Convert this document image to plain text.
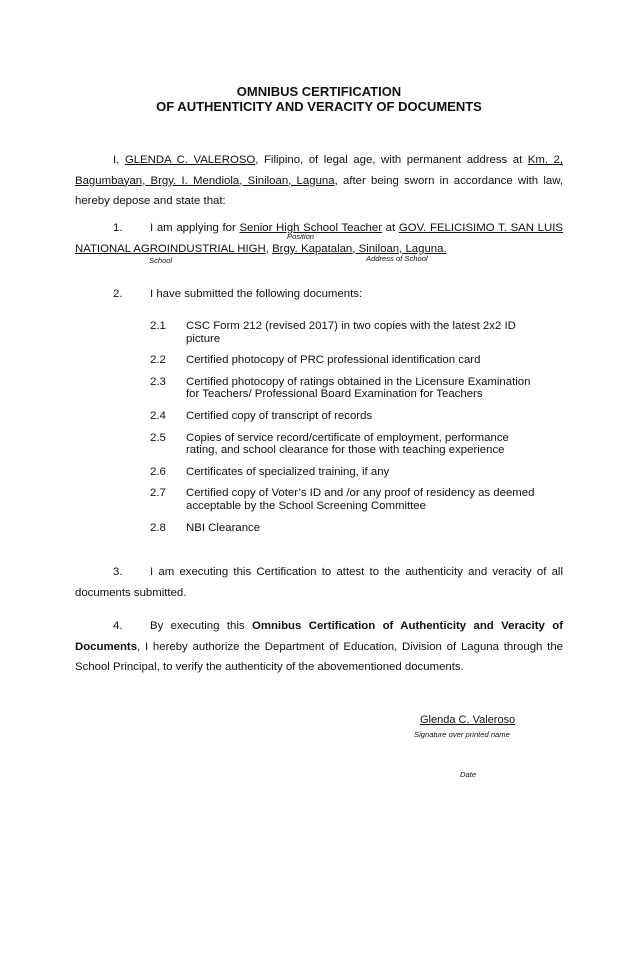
OMNIBUS CERTIFICATION
OF AUTHENTICITY AND VERACITY OF DOCUMENTS
I, GLENDA C. VALEROSO, Filipino, of legal age, with permanent address at Km. 2, Bagumbayan, Brgy. I. Mendiola, Siniloan, Laguna, after being sworn in accordance with law, hereby depose and state that:
1. I am applying for Senior High School Teacher at GOV. FELICISIMO T. SAN LUIS NATIONAL AGROINDUSTRIAL HIGH, Brgy. Kapatalan, Siniloan, Laguna.
Position
School	Address of School
2. I have submitted the following documents:
2.1	CSC Form 212 (revised 2017) in two copies with the latest 2x2 ID picture
2.2	Certified photocopy of PRC professional identification card
2.3	Certified photocopy of ratings obtained in the Licensure Examination for Teachers/ Professional Board Examination for Teachers
2.4	Certified copy of transcript of records
2.5	Copies of service record/certificate of employment, performance rating, and school clearance for those with teaching experience
2.6	Certificates of specialized training, if any
2.7	Certified copy of Voter’s ID and /or any proof of residency as deemed acceptable by the School Screening Committee
2.8	NBI Clearance
3. I am executing this Certification to attest to the authenticity and veracity of all documents submitted.
4. By executing this Omnibus Certification of Authenticity and Veracity of Documents, I hereby authorize the Department of Education, Division of Laguna through the School Principal, to verify the authenticity of the abovementioned documents.
Glenda C. Valeroso
Signature over printed name
Date
